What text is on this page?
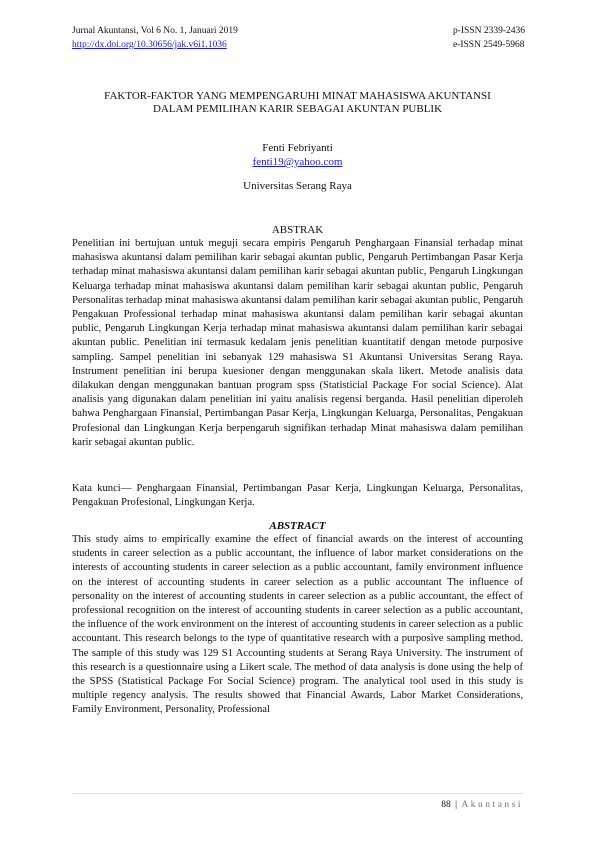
Jurnal Akuntansi, Vol 6 No. 1, Januari 2019
http://dx.doi.org/10.30656/jak.v6i1.1036
p-ISSN 2339-2436
e-ISSN 2549-5968
FAKTOR-FAKTOR YANG MEMPENGARUHI MINAT MAHASISWA AKUNTANSI
DALAM PEMILIHAN KARIR SEBAGAI AKUNTAN PUBLIK
Fenti Febriyanti
fenti19@yahoo.com
Universitas Serang Raya
ABSTRAK
Penelitian ini bertujuan untuk meguji secara empiris Pengaruh Penghargaan Finansial terhadap minat mahasiswa akuntansi dalam pemilihan karir sebagai akuntan public, Pengaruh Pertimbangan Pasar Kerja terhadap minat mahasiswa akuntansi dalam pemilihan karir sebagai akuntan public, Pengaruh Lingkungan Keluarga terhadap minat mahasiswa akuntansi dalam pemilihan karir sebagai akuntan public, Pengaruh Personalitas terhadap minat mahasiswa akuntansi dalam pemilihan karir sebagai akuntan public, Pengaruh Pengakuan Professional terhadap minat mahasiswa akuntansi dalam pemilihan karir sebagai akuntan public, Pengaruh Lingkungan Kerja terhadap minat mahasiswa akuntansi dalam pemilihan karir sebagai akuntan public. Penelitian ini termasuk kedalam jenis penelitian kuantitatif dengan metode purposive sampling. Sampel penelitian ini sebanyak 129 mahasiswa S1 Akuntansi Universitas Serang Raya. Instrument penelitian ini berupa kuesioner dengan menggunakan skala likert. Metode analisis data dilakukan dengan menggunakan bantuan program spss (Statisticial Package For social Science). Alat analisis yang digunakan dalam penelitian ini yaitu analisis regensi berganda. Hasil penelitian diperoleh bahwa Penghargaan Finansial, Pertimbangan Pasar Kerja, Lingkungan Keluarga, Personalitas, Pengakuan Profesional dan Lingkungan Kerja berpengaruh signifikan terhadap Minat mahasiswa dalam pemilihan karir sebagai akuntan public.
Kata kunci— Penghargaan Finansial, Pertimbangan Pasar Kerja, Lingkungan Keluarga, Personalitas, Pengakuan Profesional, Lingkungan Kerja.
ABSTRACT
This study aims to empirically examine the effect of financial awards on the interest of accounting students in career selection as a public accountant, the influence of labor market considerations on the interests of accounting students in career selection as a public accountant, family environment influence on the interest of accounting students in career selection as a public accountant The influence of personality on the interest of accounting students in career selection as a public accountant, the effect of professional recognition on the interest of accounting students in career selection as a public accountant, the influence of the work environment on the interest of accounting students in career selection as a public accountant. This research belongs to the type of quantitative research with a purposive sampling method. The sample of this study was 129 S1 Accounting students at Serang Raya University. The instrument of this research is a questionnaire using a Likert scale. The method of data analysis is done using the help of the SPSS (Statistical Package For Social Science) program. The analytical tool used in this study is multiple regency analysis. The results showed that Financial Awards, Labor Market Considerations, Family Environment, Personality, Professional
88 | Akuntansi
